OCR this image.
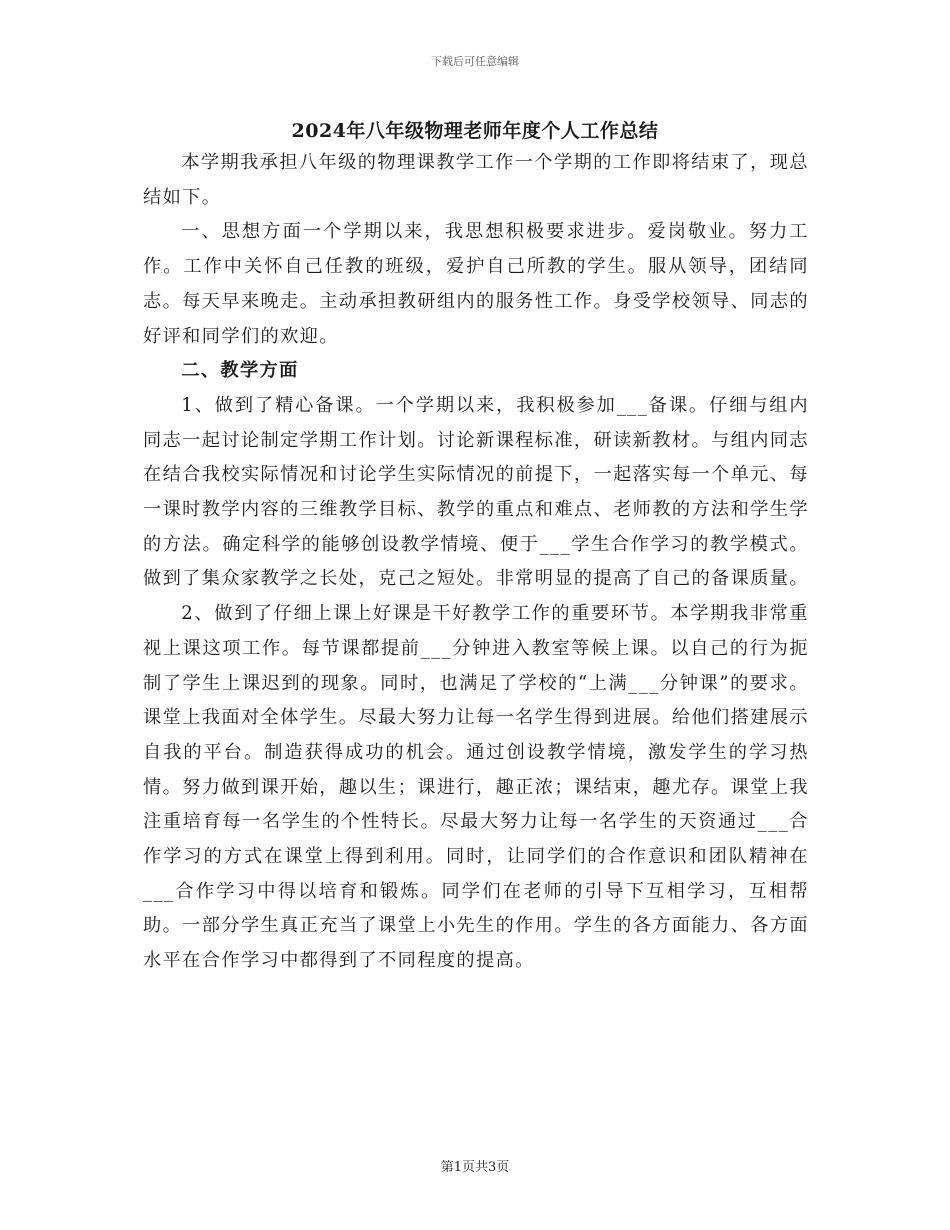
下载后可任意编辑
2024年八年级物理老师年度个人工作总结

本学期我承担八年级的物理课教学工作一个学期的工作即将结束了，现总结如下。

一、思想方面一个学期以来，我思想积极要求进步。爱岗敬业。努力工作。工作中关怀自己任教的班级，爱护自己所教的学生。服从领导，团结同志。每天早来晚走。主动承担教研组内的服务性工作。身受学校领导、同志的好评和同学们的欢迎。

二、教学方面

1、做到了精心备课。一个学期以来，我积极参加___备课。仔细与组内同志一起讨论制定学期工作计划。讨论新课程标准，研读新教材。与组内同志在结合我校实际情况和讨论学生实际情况的前提下，一起落实每一个单元、每一课时教学内容的三维教学目标、教学的重点和难点、老师教的方法和学生学的方法。确定科学的能够创设教学情境、便于___学生合作学习的教学模式。做到了集众家教学之长处，克己之短处。非常明显的提高了自己的备课质量。

2、做到了仔细上课上好课是干好教学工作的重要环节。本学期我非常重视上课这项工作。每节课都提前___分钟进入教室等候上课。以自己的行为扼制了学生上课迟到的现象。同时，也满足了学校的“上满___分钟课”的要求。课堂上我面对全体学生。尽最大努力让每一名学生得到进展。给他们搭建展示自我的平台。制造获得成功的机会。通过创设教学情境，激发学生的学习热情。努力做到课开始，趣以生；课进行，趣正浓；课结束，趣尤存。课堂上我注重培育每一名学生的个性特长。尽最大努力让每一名学生的天资通过___合作学习的方式在课堂上得到利用。同时，让同学们的合作意识和团队精神在___合作学习中得以培育和锻炼。同学们在老师的引导下互相学习，互相帮助。一部分学生真正充当了课堂上小先生的作用。学生的各方面能力、各方面水平在合作学习中都得到了不同程度的提高。

第1页共3页
